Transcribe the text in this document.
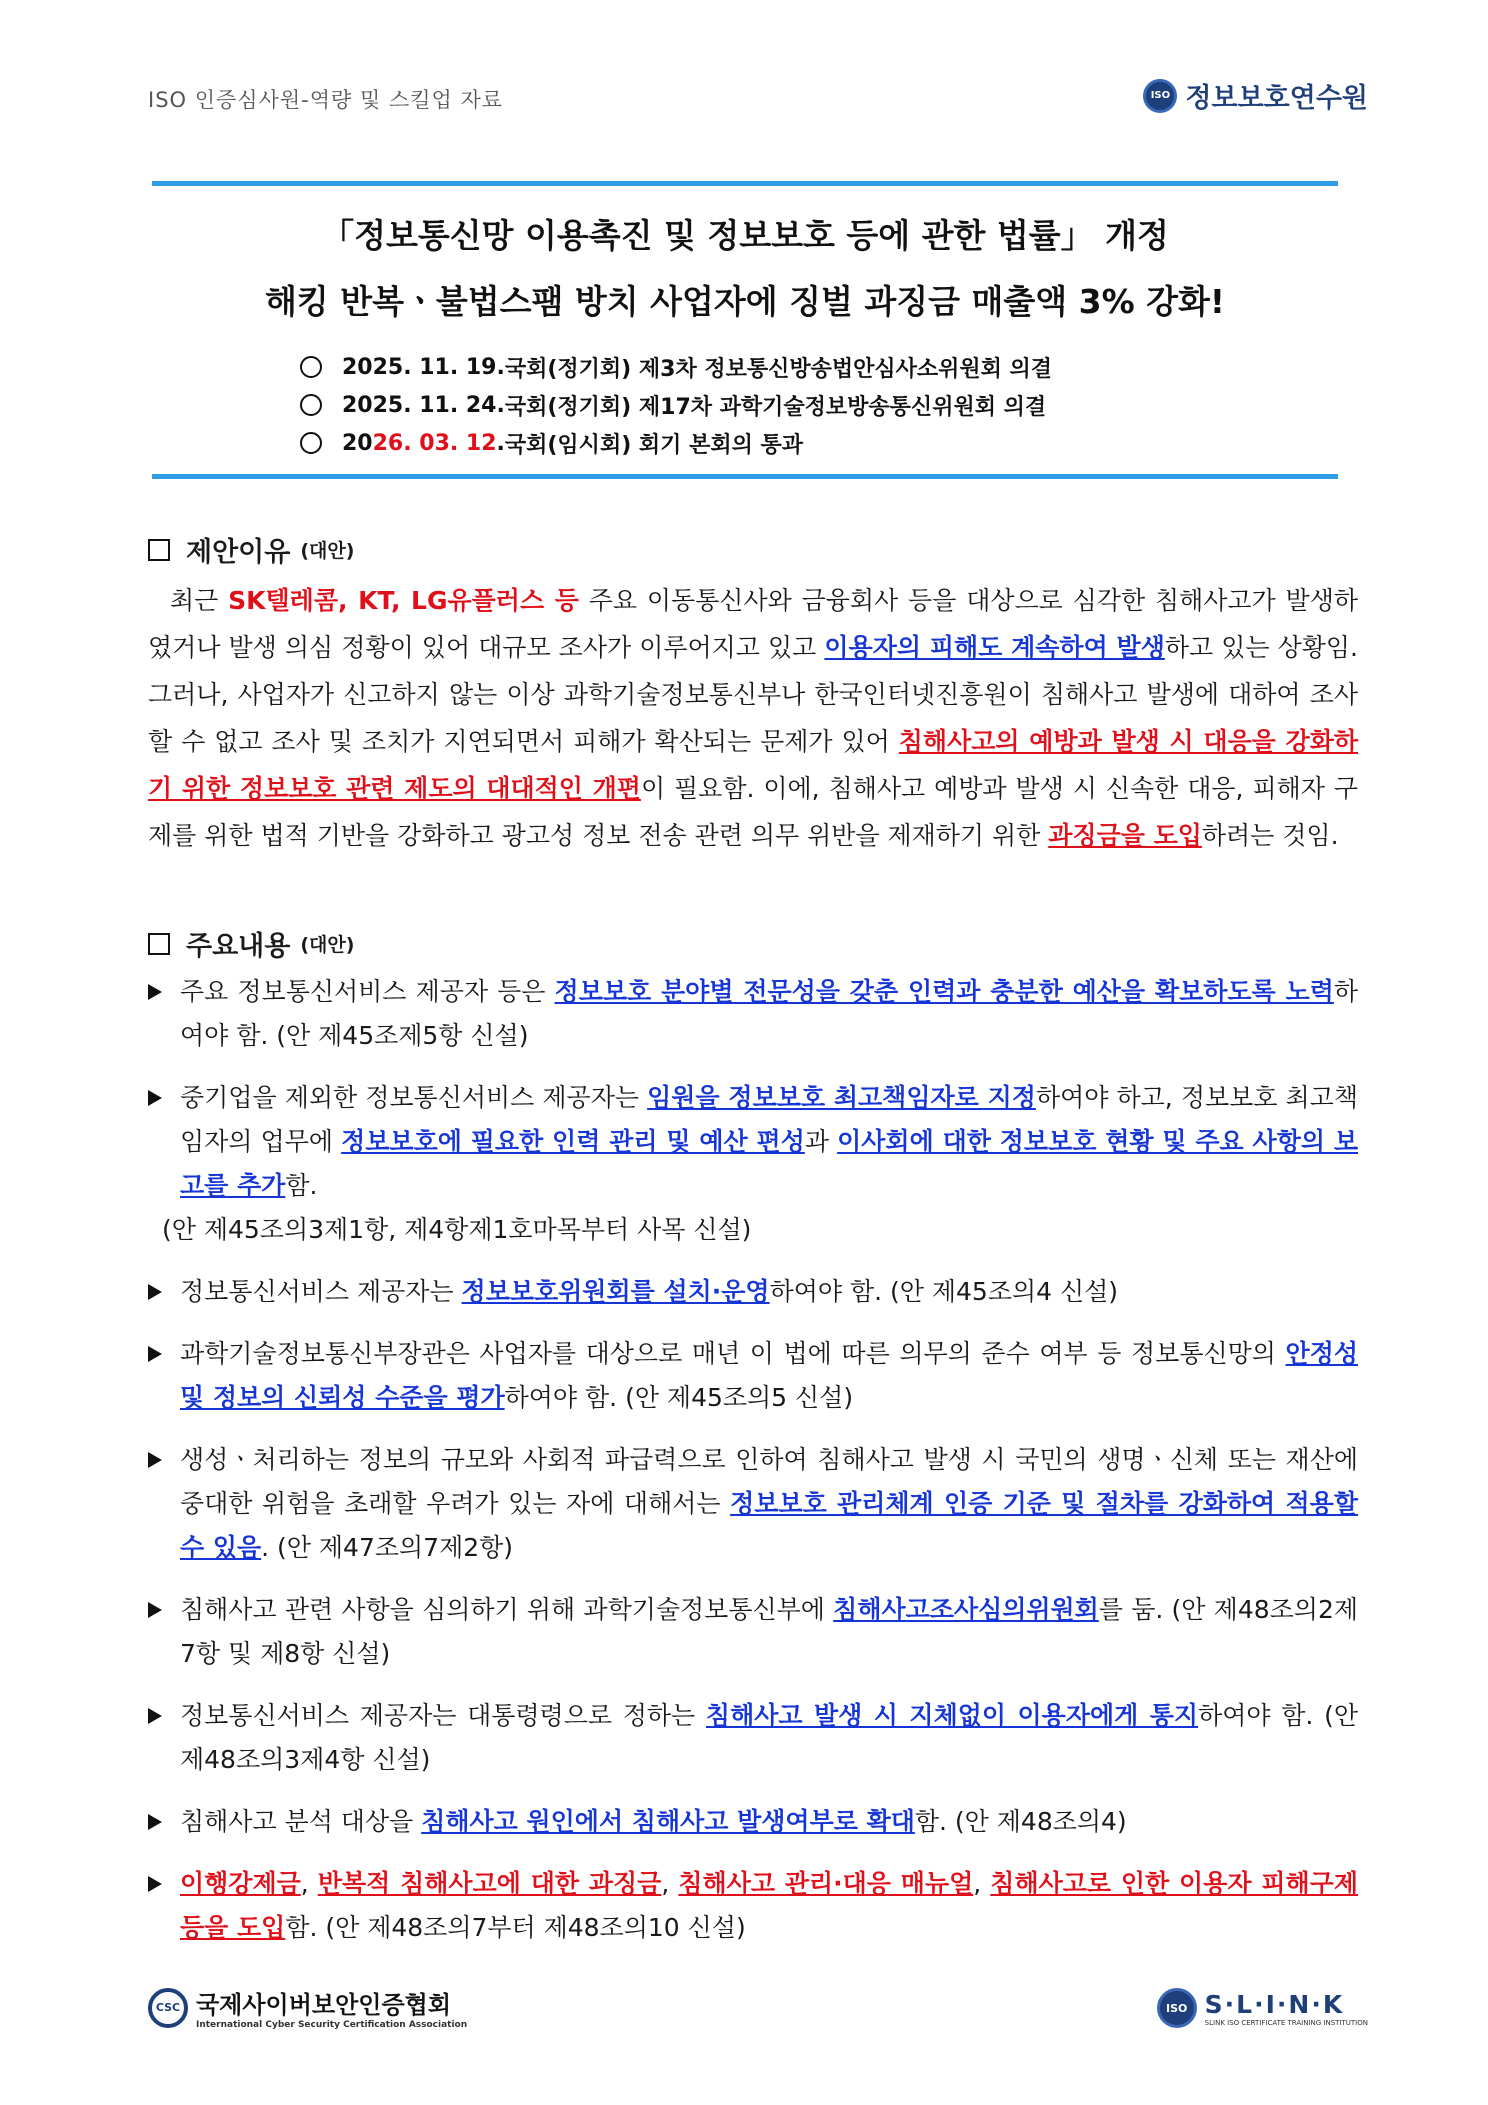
ISO 인증심사원-역량 및 스킬업 자료	ISO 정보보호연수원
「정보통신망 이용촉진 및 정보보호 등에 관한 법률」 개정
해킹 반복ㆍ불법스팸 방치 사업자에 징벌 과징금 매출액 3% 강화!
2025. 11. 19. 국회(정기회) 제3차 정보통신방송법안심사소위원회 의결
2025. 11. 24. 국회(정기회) 제17차 과학기술정보방송통신위원회 의결
20 26. 03. 12 . 국회(임시회) 회기 본회의 통과
제안이유 (대안)

최근 SK텔레콤, KT, LG유플러스 등 주요 이동통신사와 금융회사 등을 대상으로 심각한 침해사고가 발생하였거나 발생 의심 정황이 있어 대규모 조사가 이루어지고 있고 이용자의 피해도 계속하여 발생하고 있는 상황임. 그러나, 사업자가 신고하지 않는 이상 과학기술정보통신부나 한국인터넷진흥원이 침해사고 발생에 대하여 조사할 수 없고 조사 및 조치가 지연되면서 피해가 확산되는 문제가 있어 침해사고의 예방과 발생 시 대응을 강화하기 위한 정보보호 관련 제도의 대대적인 개편이 필요함. 이에, 침해사고 예방과 발생 시 신속한 대응, 피해자 구제를 위한 법적 기반을 강화하고 광고성 정보 전송 관련 의무 위반을 제재하기 위한 과징금을 도입하려는 것임.

주요내용 (대안)
주요 정보통신서비스 제공자 등은 정보보호 분야별 전문성을 갖춘 인력과 충분한 예산을 확보하도록 노력하여야 함. (안 제45조제5항 신설)
중기업을 제외한 정보통신서비스 제공자는 임원을 정보보호 최고책임자로 지정하여야 하고, 정보보호 최고책임자의 업무에 정보보호에 필요한 인력 관리 및 예산 편성과 이사회에 대한 정보보호 현황 및 주요 사항의 보고를 추가함.
(안 제45조의3제1항, 제4항제1호마목부터 사목 신설)
정보통신서비스 제공자는 정보보호위원회를 설치·운영하여야 함. (안 제45조의4 신설)
과학기술정보통신부장관은 사업자를 대상으로 매년 이 법에 따른 의무의 준수 여부 등 정보통신망의 안정성 및 정보의 신뢰성 수준을 평가하여야 함. (안 제45조의5 신설)
생성ㆍ처리하는 정보의 규모와 사회적 파급력으로 인하여 침해사고 발생 시 국민의 생명ㆍ신체 또는 재산에 중대한 위험을 초래할 우려가 있는 자에 대해서는 정보보호 관리체계 인증 기준 및 절차를 강화하여 적용할 수 있음. (안 제47조의7제2항)
침해사고 관련 사항을 심의하기 위해 과학기술정보통신부에 침해사고조사심의위원회를 둠. (안 제48조의2제7항 및 제8항 신설)
정보통신서비스 제공자는 대통령령으로 정하는 침해사고 발생 시 지체없이 이용자에게 통지하여야 함. (안 제48조의3제4항 신설)
침해사고 분석 대상을 침해사고 원인에서 침해사고 발생여부로 확대함. (안 제48조의4)
이행강제금, 반복적 침해사고에 대한 과징금, 침해사고 관리·대응 매뉴얼, 침해사고로 인한 이용자 피해구제 등을 도입함. (안 제48조의7부터 제48조의10 신설)
CSC 국제사이버보안인증협회
International Cyber Security Certification Association
ISO S·L·I·N·K
SLINK ISO CERTIFICATE TRAINING INSTITUTION
